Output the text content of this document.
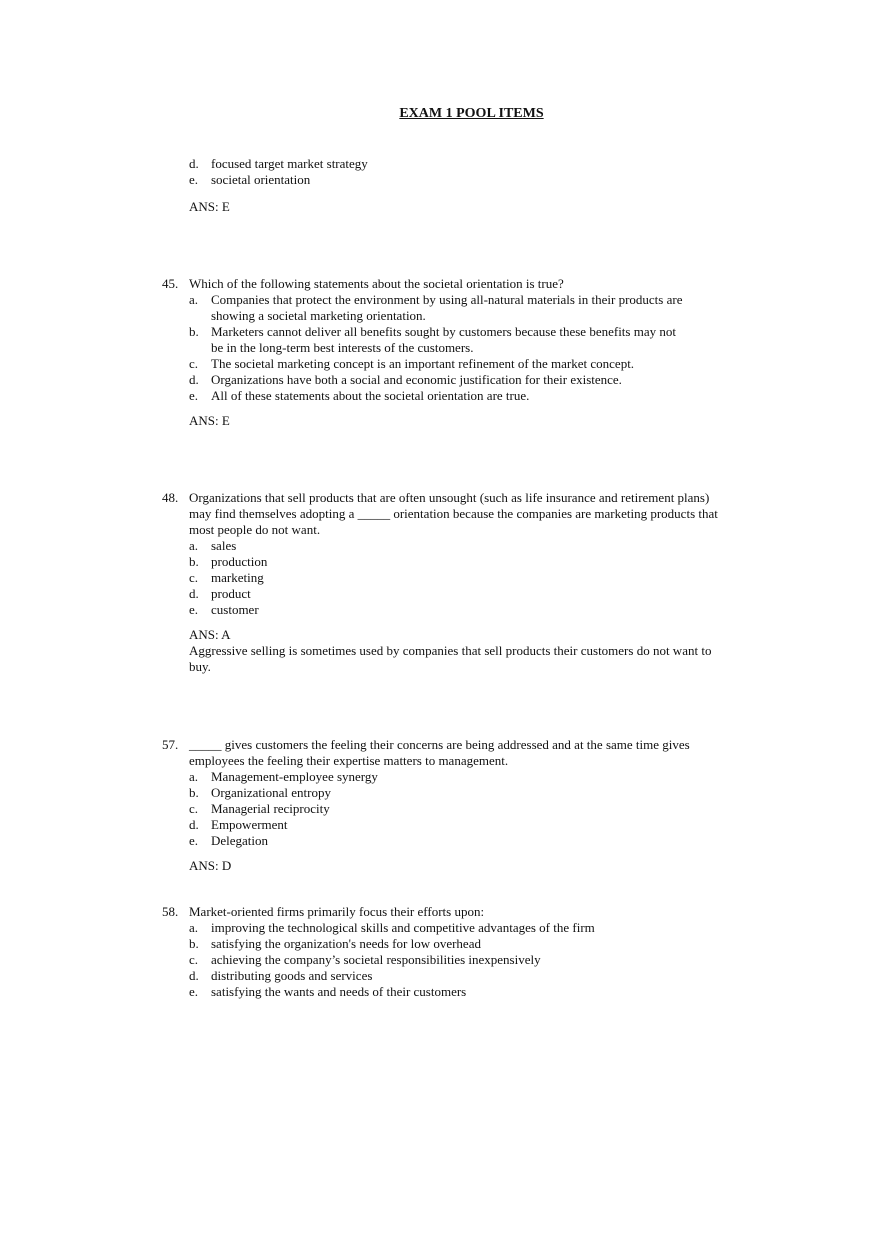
EXAM 1 POOL ITEMS
d. focused target market strategy
e. societal orientation
ANS: E
45. Which of the following statements about the societal orientation is true?
a. Companies that protect the environment by using all-natural materials in their products are
showing a societal marketing orientation.
b. Marketers cannot deliver all benefits sought by customers because these benefits may not
be in the long-term best interests of the customers.
c. The societal marketing concept is an important refinement of the market concept.
d. Organizations have both a social and economic justification for their existence.
e. All of these statements about the societal orientation are true.
ANS: E
48. Organizations that sell products that are often unsought (such as life insurance and retirement plans)
may find themselves adopting a _____ orientation because the companies are marketing products that
most people do not want.
a. sales
b. production
c. marketing
d. product
e. customer
ANS: A
Aggressive selling is sometimes used by companies that sell products their customers do not want to
buy.
57. _____ gives customers the feeling their concerns are being addressed and at the same time gives
employees the feeling their expertise matters to management.
a. Management-employee synergy
b. Organizational entropy
c. Managerial reciprocity
d. Empowerment
e. Delegation
ANS: D
58. Market-oriented firms primarily focus their efforts upon:
a. improving the technological skills and competitive advantages of the firm
b. satisfying the organization's needs for low overhead
c. achieving the company’s societal responsibilities inexpensively
d. distributing goods and services
e. satisfying the wants and needs of their customers
